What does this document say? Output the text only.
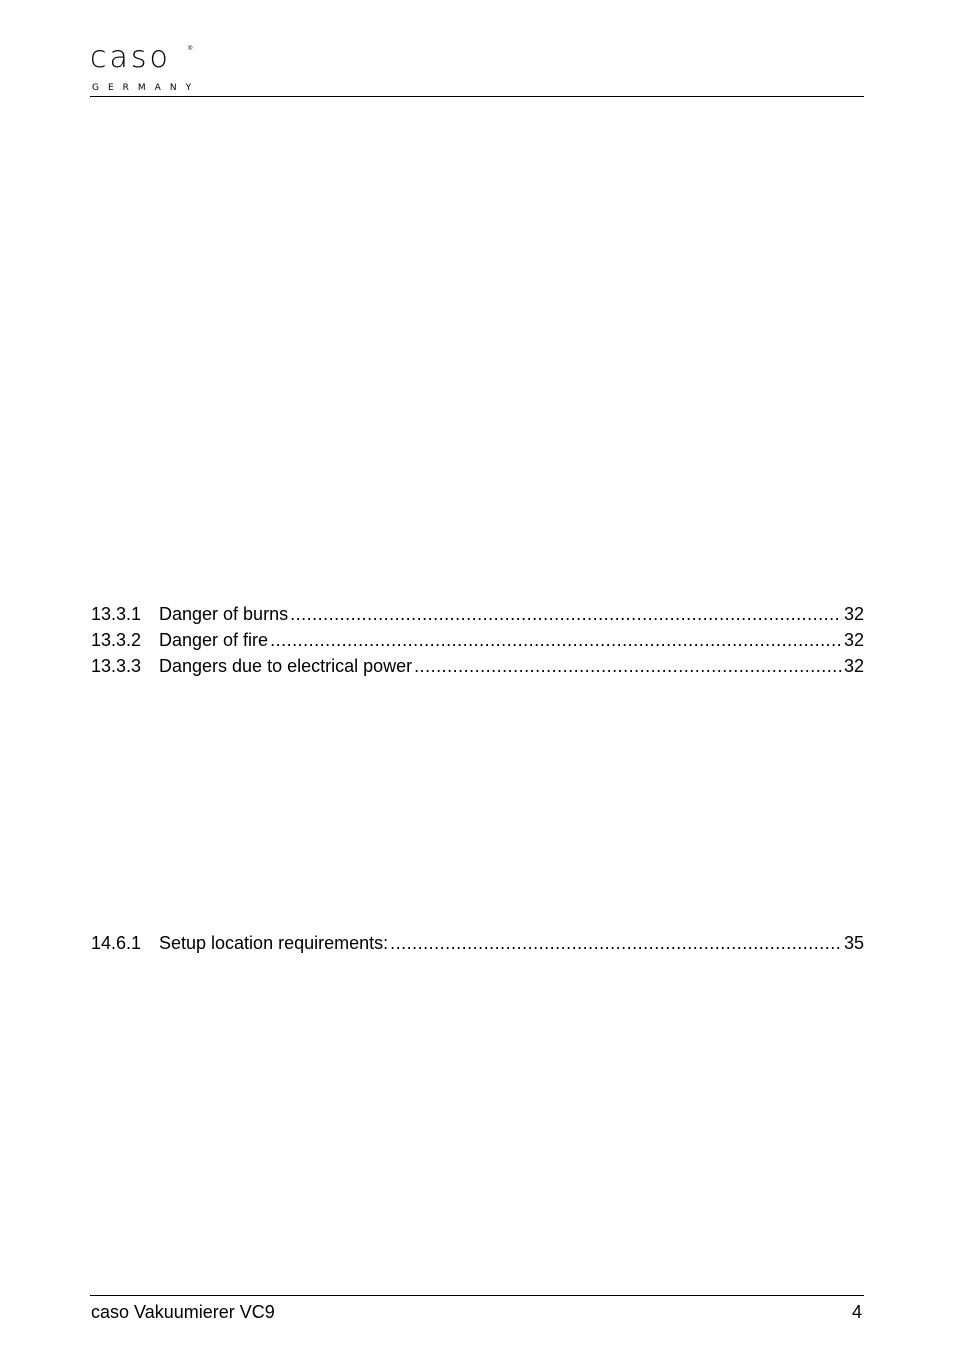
caso	®
GERMANY
13.3.1 Danger of burns .....	32
13.3.2 Danger of fire .....	32
13.3.3 Dangers due to electrical power .....	32
14.6.1 Setup location requirements: .....	35
caso Vakuumierer VC9	4
